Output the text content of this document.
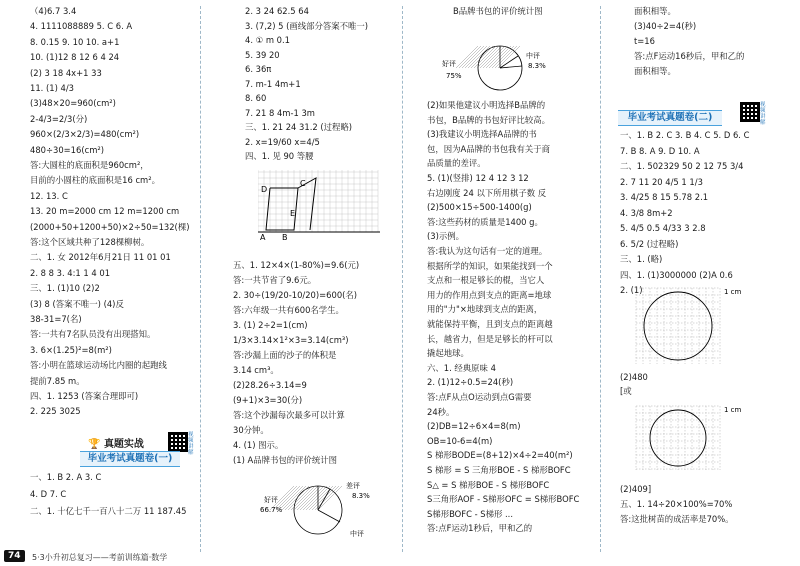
（4)6.7 3.4
4. 1111088889 5. C 6. A
8. 0.15 9. 10 10. a+1
10. (1)12 8 12 6 4 24
(2) 3 18 4x+1 33
11. (1) 4/3
(3)48×20=960(cm²)
2-4/3=2/3(分)
960×(2/3×2/3)=480(cm²)
480÷30=16(cm²)
答:大圆柱的底面积是960cm²，
目前的小圆柱的底面积是16 cm²。
12. 13. C
13. 20 m=2000 cm 12 m=1200 cm
(2000+50+1200+50)×2÷50=132(棵)
答:这个区域共种了128棵柳树。
二、1. 女 2012年6月21日 11 01 01
2. 8 8 3. 4:1 1 4 01
三、1. (1)10 (2)2
(3) 8 (答案不唯一) (4)反
38-31=7(名)
答:一共有7名队员没有出现搭知。
3. 6×(1.25)²=8(m²)
答:小明在篮球运动场比内圈的起跑线
提前7.85 m。
四、1. 1253 (答案合理即可)
2. 225 3025
一、1. B 2. A 3. C
4. D 7. C
二、1. 十亿七千一百八十二万 11 187.45
2. 3 24 62.5 64
3. (7,2) 5 (画线部分答案不唯一)
4. ① m 0.1
5. 39 20
6. 36π
7. m-1 4m+1
8. 60
7. 21 8 4m-1 3m
三、1. 21 24 31.2 (过程略)
2. x=19/60 x=4/5
四、1. 见 90 等腰
五、1. 12×4×(1-80%)=9.6(元)
答:一共节省了9.6元。
2. 30÷(19/20-10/20)=600(名)
答:六年级一共有600名学生。
3. (1) 2÷2=1(cm)
1/3×3.14×1²×3=3.14(cm³)
答:沙漏上面的沙子的体积是
3.14 cm³。
(2)28.26÷3.14=9
(9+1)×3=30(分)
答:这个沙漏每次最多可以计算
30分钟。
4. (1) 图示。
(1) A品牌书包的评价统计图
B品牌书包的评价统计图
(2)如果他建议小明选择B品牌的
书包，B品牌的书包好评比较高。
(3)我建议小明选择A品牌的书
包，因为A品牌的书包我有关于商
品质量的差评。
5. (1)(竖排) 12 4 12 3 12
右边刚度 24 以下所用棋子数 反
(2)500×15÷500-1400(g)
答:这些药材的质量是1400 g。
(3)示例。
答:我认为这句话有一定的道理。
根据所学的知识，如果能找到一个
支点和一根足够长的棍，当它人
用力的作用点到支点的距离=地球
用的"力"×地球到支点的距离，
就能保持平衡，且到支点的距离越
长，越省力，但是足够长的杆可以
撬起地球。
六、1. 经典原味 4
2. (1)12÷0.5=24(秒)
答:点F从点O运动到点G需要
24秒。
(2)DB=12÷6×4=8(m)
OB=10-6=4(m)
S 梯形BODE=(8+12)×4÷2=40(m²)
S 梯形 = S 三角形BOE - S 梯形BOFC
S△ = S 梯形BOE - S 梯形BOFC
S三角形AOF - S梯形OFC = S梯形BOFC
S梯形BOFC - S梯形 ...
答:点F运动1秒后，甲和乙的
面积相等。
(3)40÷2=4(秒)
t=16
答:点F运动16秒后，甲和乙的
面积相等。
一、1. B 2. C 3. B 4. C 5. D 6. C
7. B 8. A 9. D 10. A
二、1. 502329 50 2 12 75 3/4
2. 7 11 20 4/5 1 1/3
3. 4/25 8 15 5.78 2.1
4. 3/8 8m+2
5. 4/5 0.5 4/33 3 2.8
6. 5/2 (过程略)
三、1. (略)
四、1. (1)3000000 (2)A 0.6
2. (1)
(2)480
[或
(2)409]
五、1. 14÷20×100%=70%
答:这批树苗的成活率是70%。
🏆 真题实战
视频讲解
毕业考试真题卷(一)
D
C
A B
E
好评
66.7%
差评
8.3%
中评
好评
75%
中评
8.3%
毕业考试真题卷(二)
视频讲解
1 cm
1 cm
74	5·3小升初总复习——考前训练篇·数学
